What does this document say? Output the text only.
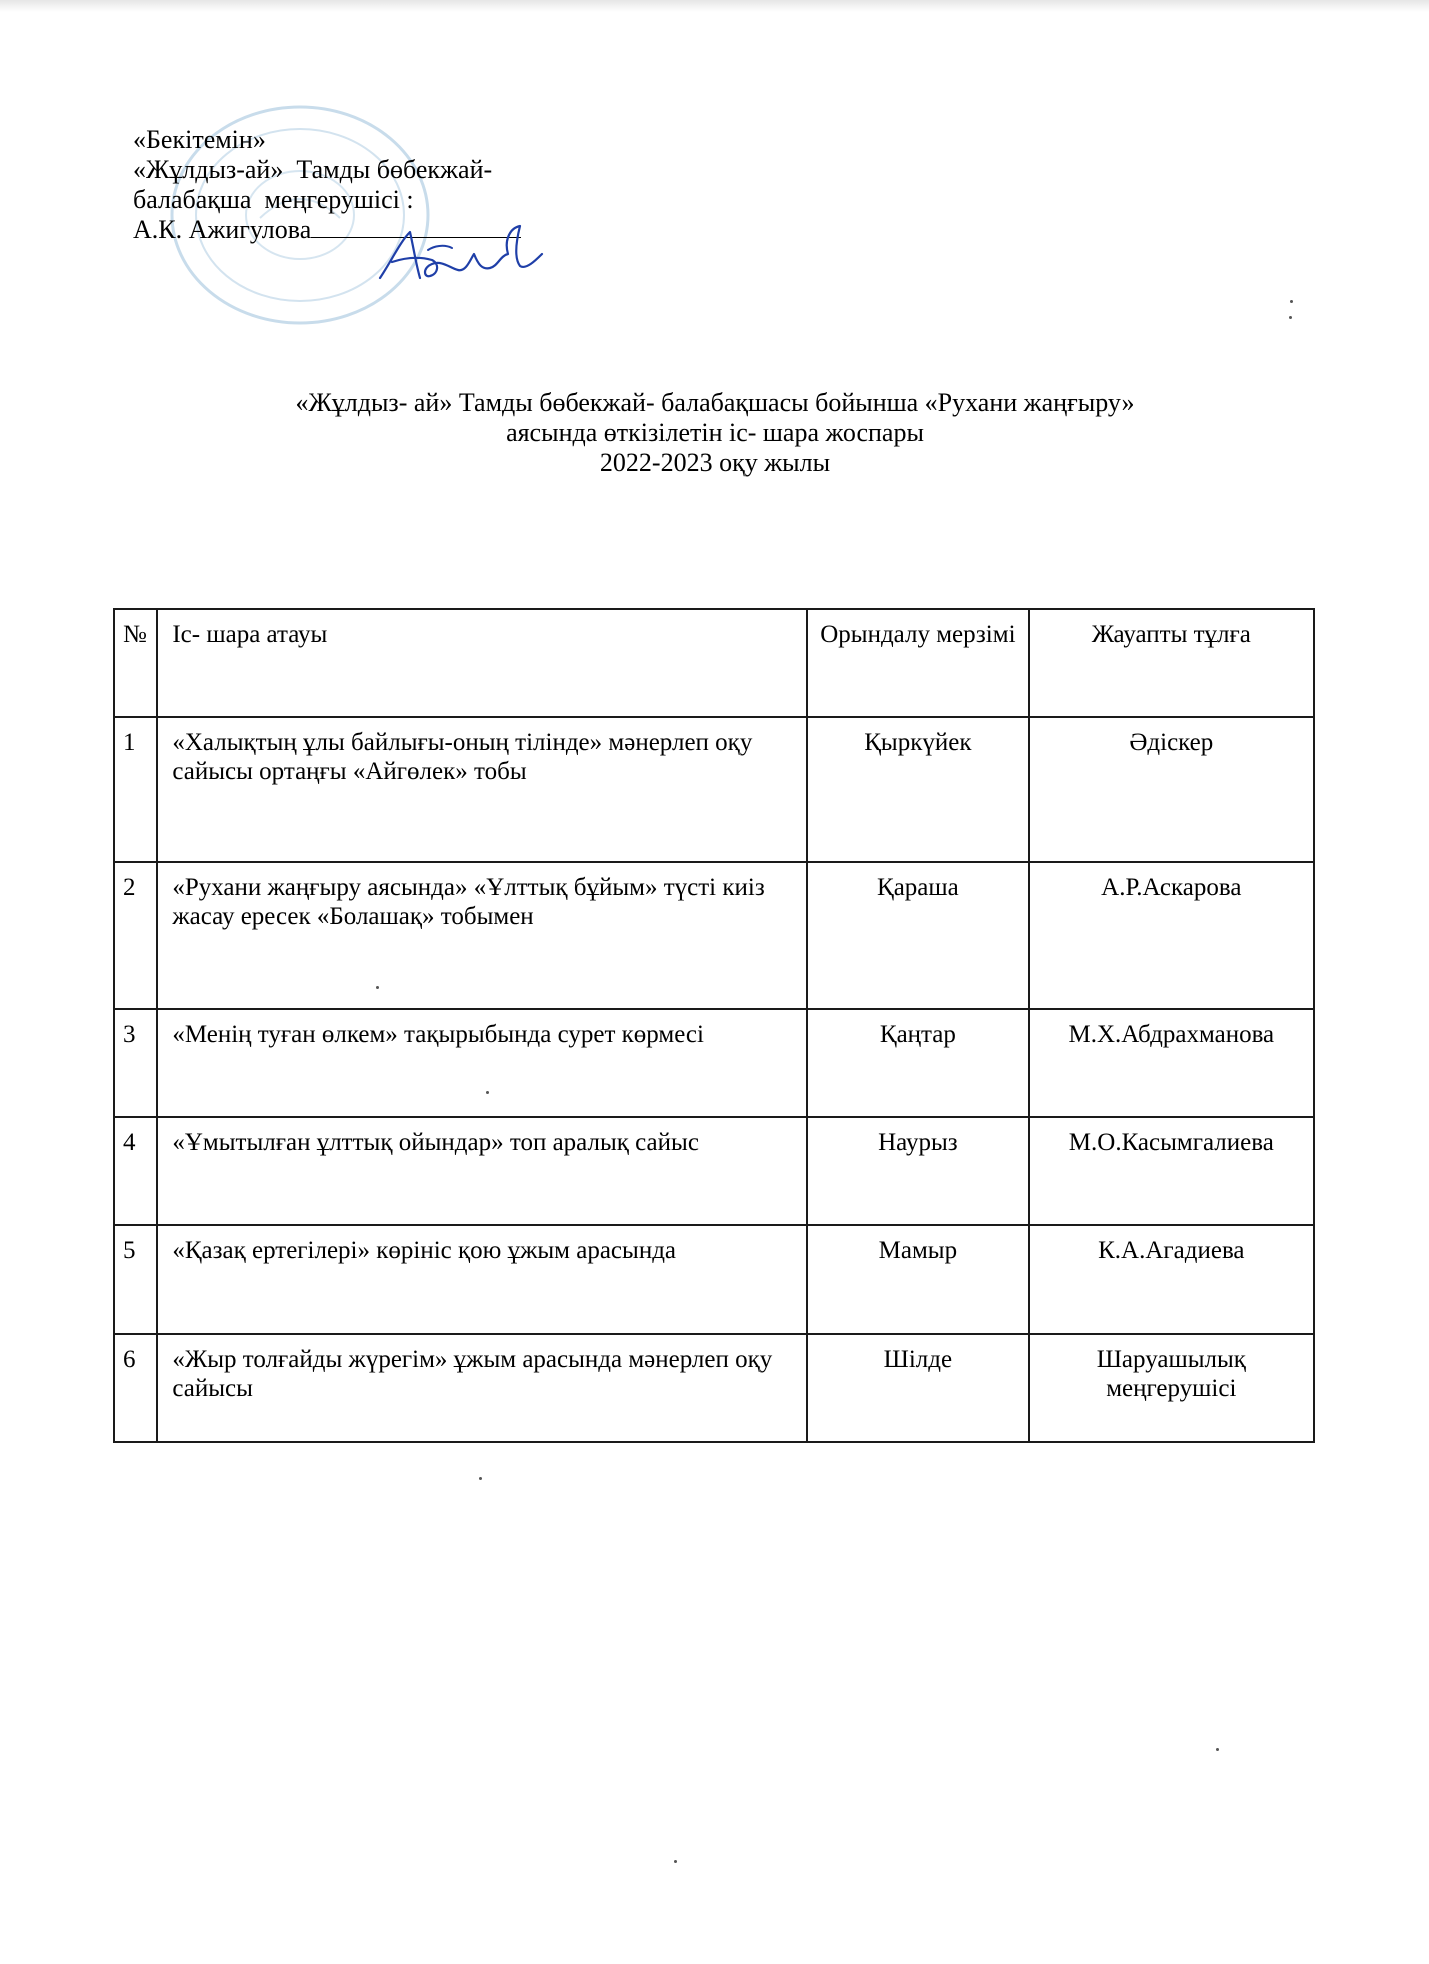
«Бекітемін»
«Жұлдыз-ай»  Тамды бөбекжай-
балабақша  меңгерушісі :
А.К. Ажигулова
«Жұлдыз- ай» Тамды бөбекжай- балабақшасы бойынша «Рухани жаңғыру»
аясында өткізілетін іс- шара жоспары
2022-2023 оқу жылы
№	Іс- шара атауы	Орындалу мерзімі	Жауапты тұлға
1	«Халықтың ұлы байлығы-оның тілінде» мәнерлеп оқу сайысы ортаңғы «Айгөлек» тобы	Қыркүйек	Әдіскер
2	«Рухани жаңғыру аясында» «Ұлттық бұйым» түсті киіз жасау ересек «Болашақ» тобымен	Қараша	А.Р.Аскарова
3	«Менің туған өлкем» тақырыбында сурет көрмесі	Қаңтар	М.Х.Абдрахманова
4	«Ұмытылған ұлттық ойындар» топ аралық сайыс	Наурыз	М.О.Касымгалиева
5	«Қазақ ертегілері» көрініс қою ұжым арасында	Мамыр	К.А.Агадиева
6	«Жыр толғайды жүрегім» ұжым арасында мәнерлеп оқу сайысы	Шілде	Шаруашылық меңгерушісі
